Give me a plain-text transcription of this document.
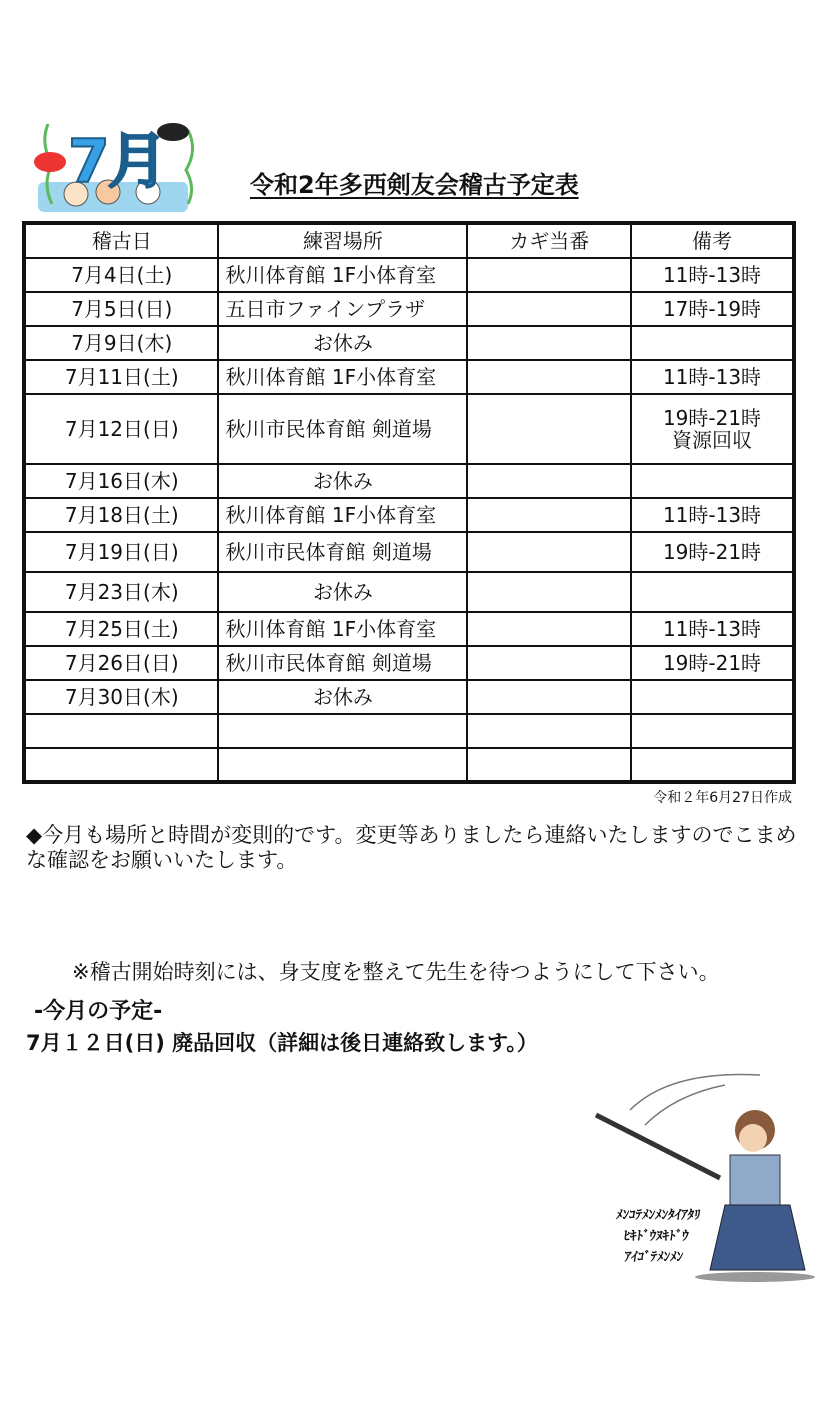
7月	令和2年多西剣友会稽古予定表
稽古日	練習場所	カギ当番	備考
7月4日(土)	秋川体育館 1F小体育室		11時-13時

7月5日(日)	五日市ファインプラザ		17時-19時

7月9日(木)	お休み		

7月11日(土)	秋川体育館 1F小体育室		11時-13時

7月12日(日)	秋川市民体育館 剣道場		19時-21時
資源回収

7月16日(木)	お休み		

7月18日(土)	秋川体育館 1F小体育室		11時-13時

7月19日(日)	秋川市民体育館 剣道場		19時-21時

7月23日(木)	お休み		

7月25日(土)	秋川体育館 1F小体育室		11時-13時

7月26日(日)	秋川市民体育館 剣道場		19時-21時

7月30日(木)	お休み		

令和２年6月27日作成
◆今月も場所と時間が変則的です。変更等ありましたら連絡いたしますのでこまめな確認をお願いいたします。
※稽古開始時刻には、身支度を整えて先生を待つようにして下さい。
-今月の予定-
7月１２日(日) 廃品回収（詳細は後日連絡致します。）
ﾒﾝｺﾃﾒﾝﾒﾝﾀｲｱﾀﾘ
ﾋｷﾄﾞｳﾇｷﾄﾞｳ
ｱｲｺﾞﾃﾒﾝﾒﾝ
